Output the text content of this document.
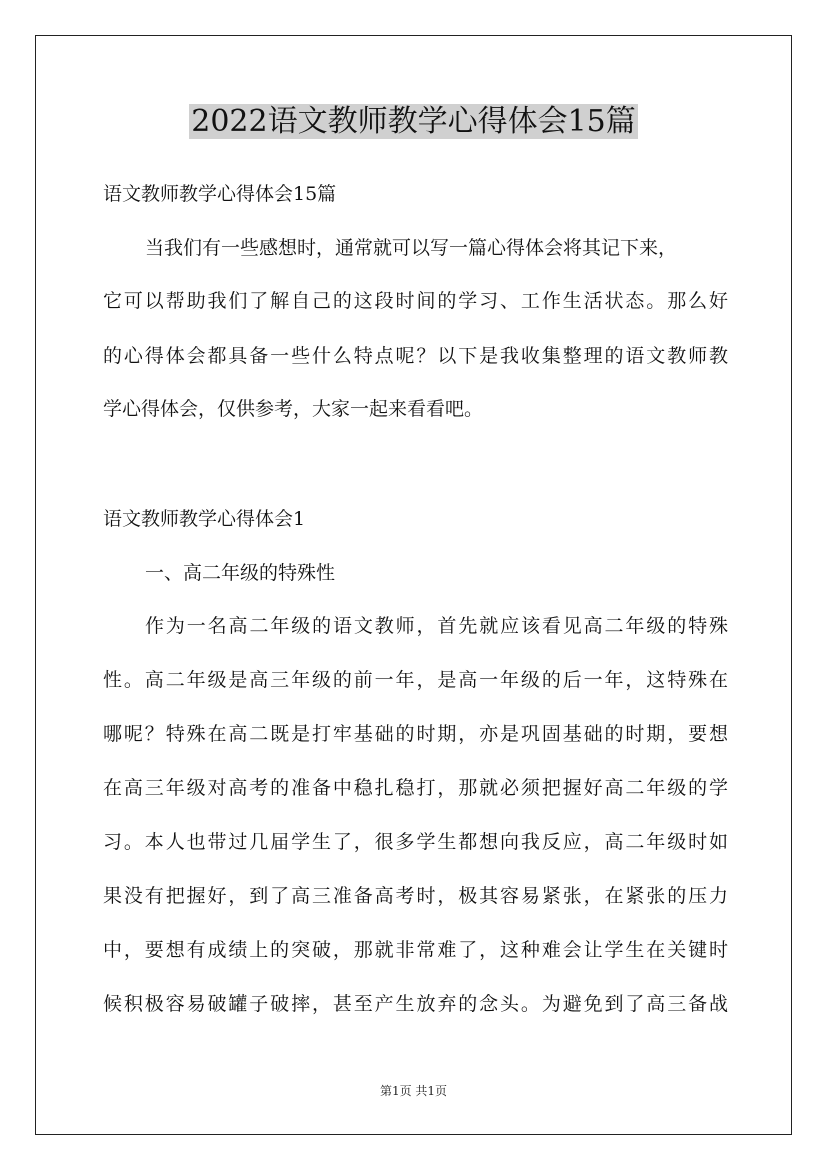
2022语文教师教学心得体会15篇
语文教师教学心得体会15篇
当我们有一些感想时，通常就可以写一篇心得体会将其记下来，
它可以帮助我们了解自己的这段时间的学习、工作生活状态。那么好
的心得体会都具备一些什么特点呢？以下是我收集整理的语文教师教
学心得体会，仅供参考，大家一起来看看吧。
语文教师教学心得体会1
一、高二年级的特殊性
作为一名高二年级的语文教师，首先就应该看见高二年级的特殊
性。高二年级是高三年级的前一年，是高一年级的后一年，这特殊在
哪呢？特殊在高二既是打牢基础的时期，亦是巩固基础的时期，要想
在高三年级对高考的准备中稳扎稳打，那就必须把握好高二年级的学
习。本人也带过几届学生了，很多学生都想向我反应，高二年级时如
果没有把握好，到了高三准备高考时，极其容易紧张，在紧张的压力
中，要想有成绩上的突破，那就非常难了，这种难会让学生在关键时
候积极容易破罐子破摔，甚至产生放弃的念头。为避免到了高三备战
第1页 共1页
